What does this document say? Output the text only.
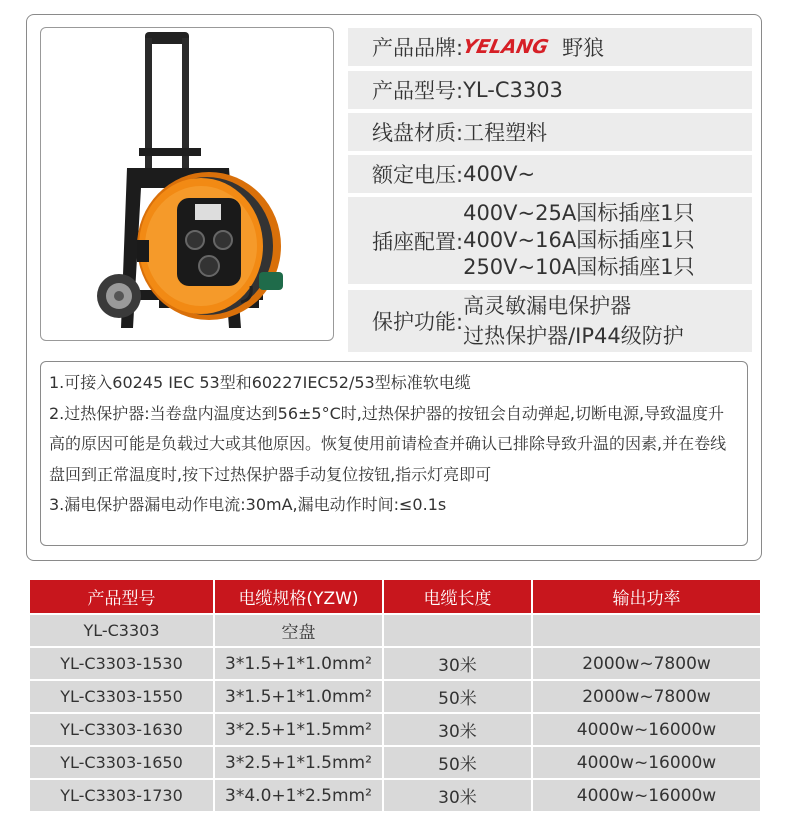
产品品牌:
YELANG 野狼
产品型号: YL-C3303
线盘材质: 工程塑料
额定电压: 400V~
插座配置:
400V~25A国标插座1只
400V~16A国标插座1只
250V~10A国标插座1只
保护功能:
高灵敏漏电保护器
过热保护器/IP44级防护

1.可接入60245 IEC 53型和60227IEC52/53型标准软电缆

2.过热保护器:当卷盘内温度达到56±5°C时,过热保护器的按钮会自动弹起,切断电源,导致温度升高的原因可能是负载过大或其他原因。恢复使用前请检查并确认已排除导致升温的因素,并在卷线盘回到正常温度时,按下过热保护器手动复位按钮,指示灯亮即可

3.漏电保护器漏电动作电流:30mA,漏电动作时间:≤0.1s

产品型号	电缆规格(YZW)	电缆长度	输出功率
YL-C3303	空盘		
YL-C3303-1530	3*1.5+1*1.0mm²	30米	2000w~7800w
YL-C3303-1550	3*1.5+1*1.0mm²	50米	2000w~7800w
YL-C3303-1630	3*2.5+1*1.5mm²	30米	4000w~16000w
YL-C3303-1650	3*2.5+1*1.5mm²	50米	4000w~16000w
YL-C3303-1730	3*4.0+1*2.5mm²	30米	4000w~16000w
